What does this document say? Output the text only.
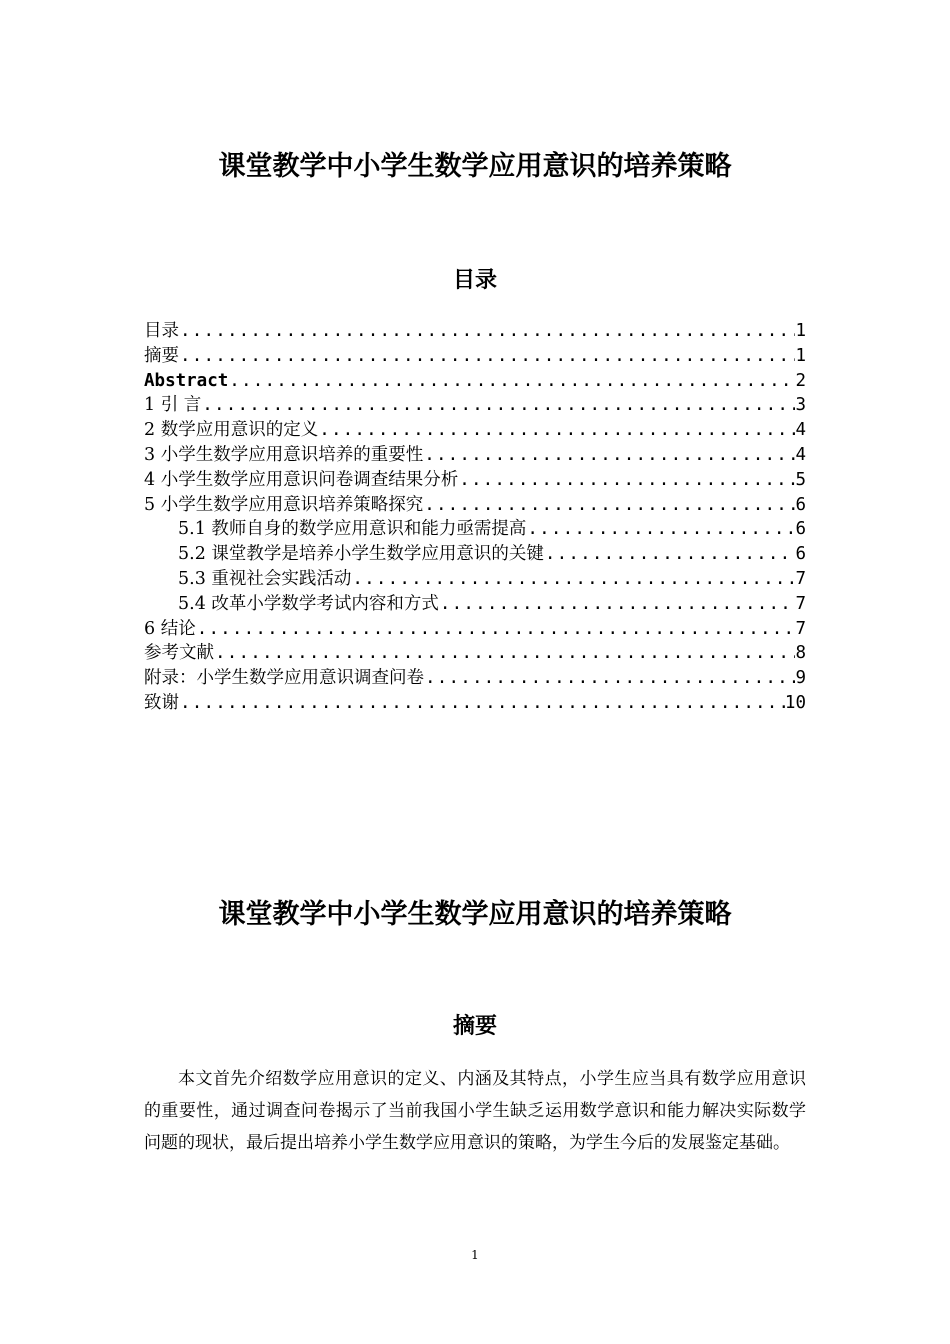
课堂教学中小学生数学应用意识的培养策略
目录
目录 .....	1
摘要 .....	1
Abstract .....	2
1 引 言 .....	3
2 数学应用意识的定义 .....	4
3 小学生数学应用意识培养的重要性 .....	4
4 小学生数学应用意识问卷调查结果分析 .....	5
5 小学生数学应用意识培养策略探究 .....	6
5.1 教师自身的数学应用意识和能力亟需提高 .....	6
5.2 课堂教学是培养小学生数学应用意识的关键 .....	6
5.3 重视社会实践活动 .....	7
5.4 改革小学数学考试内容和方式 .....	7
6 结论 .....	7
参考文献 .....	8
附录：小学生数学应用意识调查问卷 .....	9
致谢 .....	10
课堂教学中小学生数学应用意识的培养策略
摘要

本文首先介绍数学应用意识的定义、内涵及其特点，小学生应当具有数学应用意识的重要性，通过调查问卷揭示了当前我国小学生缺乏运用数学意识和能力解决实际数学问题的现状，最后提出培养小学生数学应用意识的策略，为学生今后的发展鉴定基础。

1
